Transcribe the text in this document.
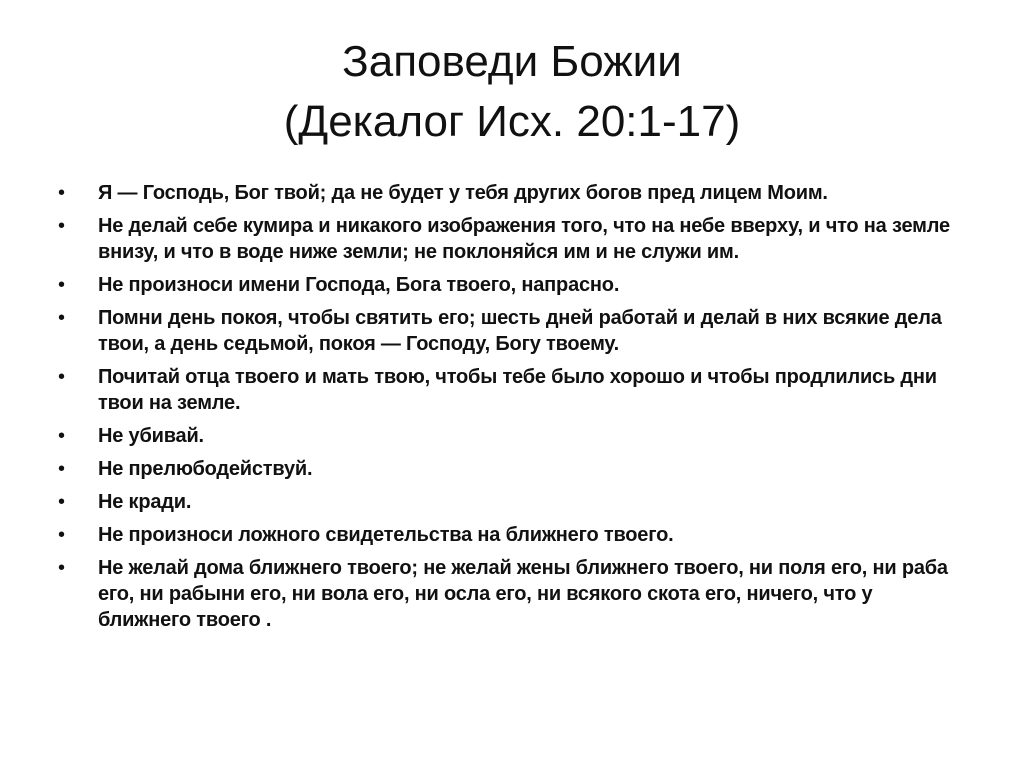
Заповеди Божии
(Декалог Исх. 20:1-17)
• Я — Господь, Бог твой; да не будет у тебя других богов пред лицем Моим.
• Не делай себе кумира и никакого изображения того, что на небе вверху, и что на земле внизу, и что в воде ниже земли; не поклоняйся им и не служи им.
• Не произноси имени Господа, Бога твоего, напрасно.
• Помни день покоя, чтобы святить его; шесть дней работай и делай в них всякие дела твои, а день седьмой, покоя — Господу, Богу твоему.
• Почитай отца твоего и мать твою, чтобы тебе было хорошо и чтобы продлились дни твои на земле.
• Не убивай.
• Не прелюбодействуй.
• Не кради.
• Не произноси ложного свидетельства на ближнего твоего.
• Не желай дома ближнего твоего; не желай жены ближнего твоего, ни поля его, ни раба его, ни рабыни его, ни вола его, ни осла его, ни всякого скота его, ничего, что у ближнего твоего .
